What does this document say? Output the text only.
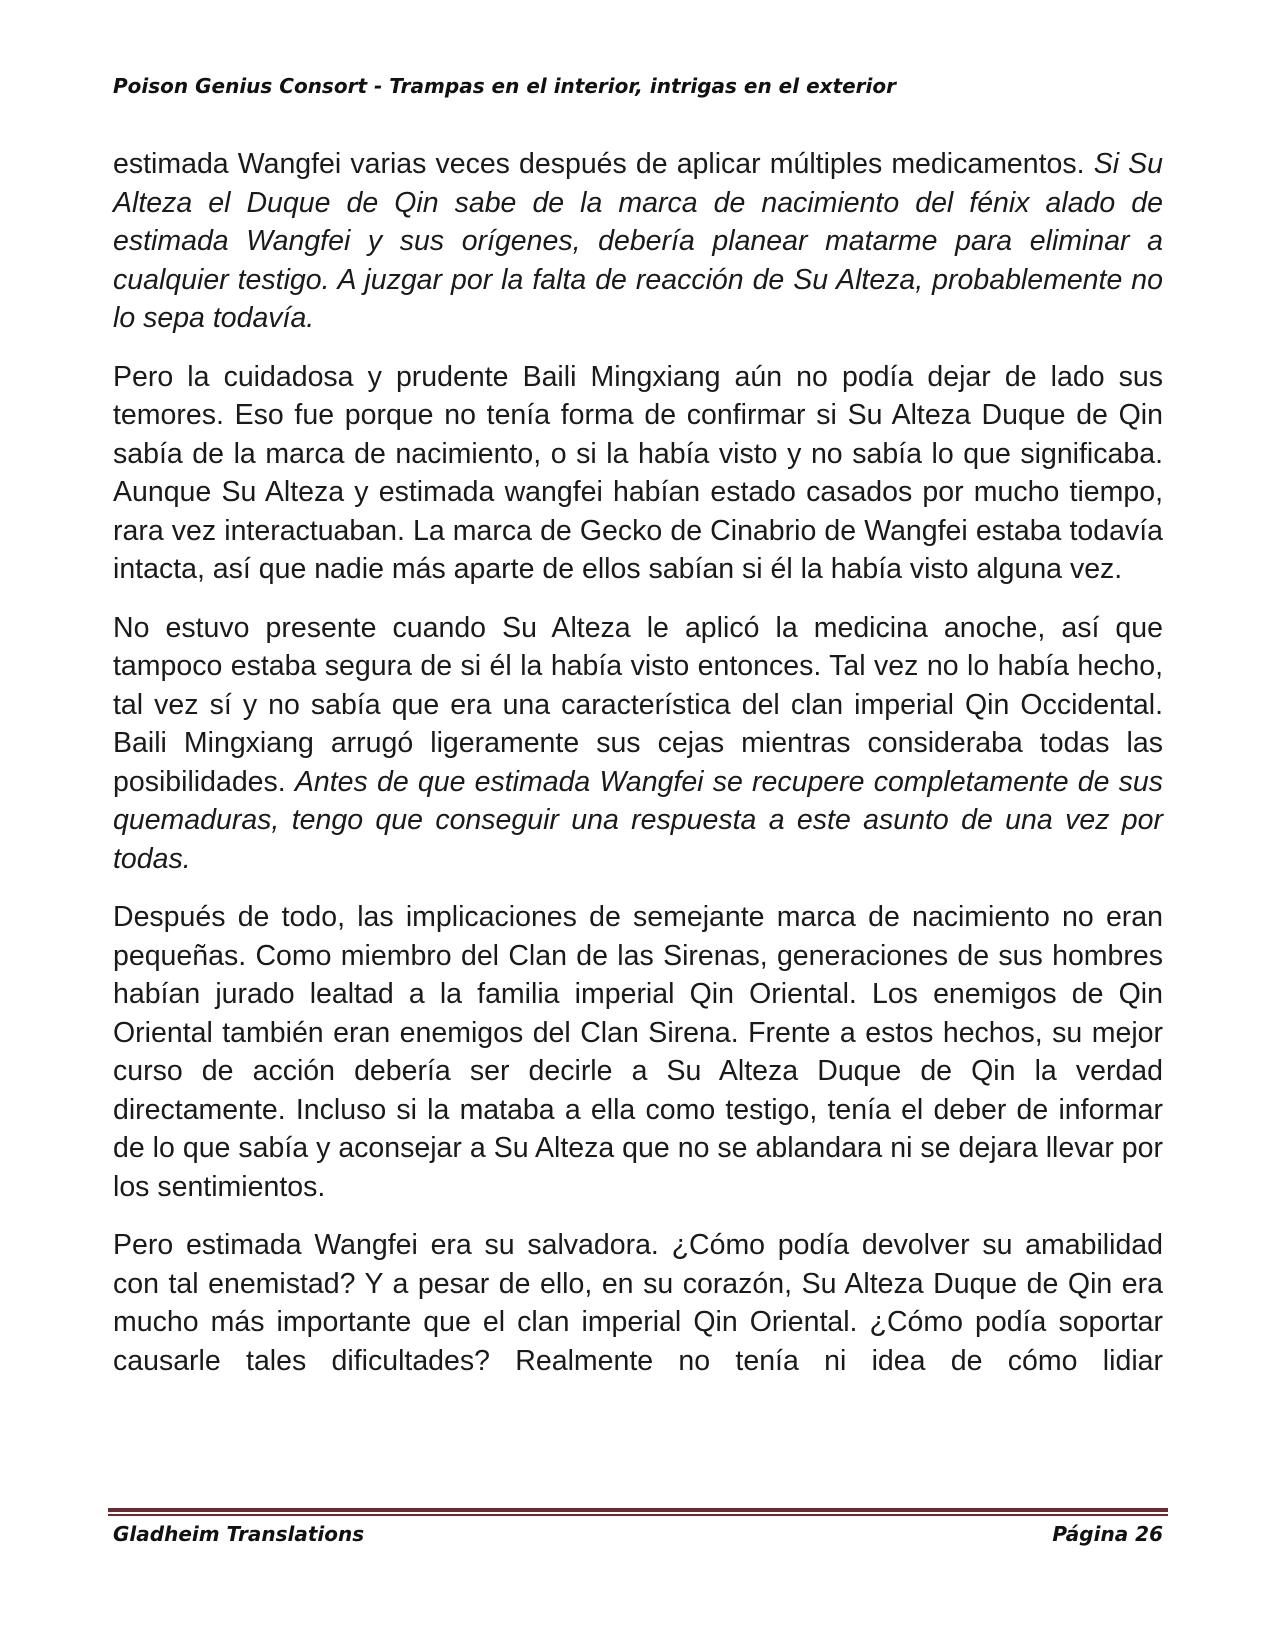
Poison Genius Consort - Trampas en el interior, intrigas en el exterior

estimada Wangfei varias veces después de aplicar múltiples medicamentos. Si Su Alteza el Duque de Qin sabe de la marca de nacimiento del fénix alado de estimada Wangfei y sus orígenes, debería planear matarme para eliminar a cualquier testigo. A juzgar por la falta de reacción de Su Alteza, probablemente no lo sepa todavía.

Pero la cuidadosa y prudente Baili Mingxiang aún no podía dejar de lado sus temores. Eso fue porque no tenía forma de confirmar si Su Alteza Duque de Qin sabía de la marca de nacimiento, o si la había visto y no sabía lo que significaba. Aunque Su Alteza y estimada wangfei habían estado casados por mucho tiempo, rara vez interactuaban. La marca de Gecko de Cinabrio de Wangfei estaba todavía intacta, así que nadie más aparte de ellos sabían si él la había visto alguna vez.

No estuvo presente cuando Su Alteza le aplicó la medicina anoche, así que tampoco estaba segura de si él la había visto entonces. Tal vez no lo había hecho, tal vez sí y no sabía que era una característica del clan imperial Qin Occidental. Baili Mingxiang arrugó ligeramente sus cejas mientras consideraba todas las posibilidades. Antes de que estimada Wangfei se recupere completamente de sus quemaduras, tengo que conseguir una respuesta a este asunto de una vez por todas.

Después de todo, las implicaciones de semejante marca de nacimiento no eran pequeñas. Como miembro del Clan de las Sirenas, generaciones de sus hombres habían jurado lealtad a la familia imperial Qin Oriental. Los enemigos de Qin Oriental también eran enemigos del Clan Sirena. Frente a estos hechos, su mejor curso de acción debería ser decirle a Su Alteza Duque de Qin la verdad directamente. Incluso si la mataba a ella como testigo, tenía el deber de informar de lo que sabía y aconsejar a Su Alteza que no se ablandara ni se dejara llevar por los sentimientos.

Pero estimada Wangfei era su salvadora. ¿Cómo podía devolver su amabilidad con tal enemistad? Y a pesar de ello, en su corazón, Su Alteza Duque de Qin era mucho más importante que el clan imperial Qin Oriental. ¿Cómo podía soportar causarle tales dificultades? Realmente no tenía ni idea de cómo lidiar

Gladheim Translations	Página 26
